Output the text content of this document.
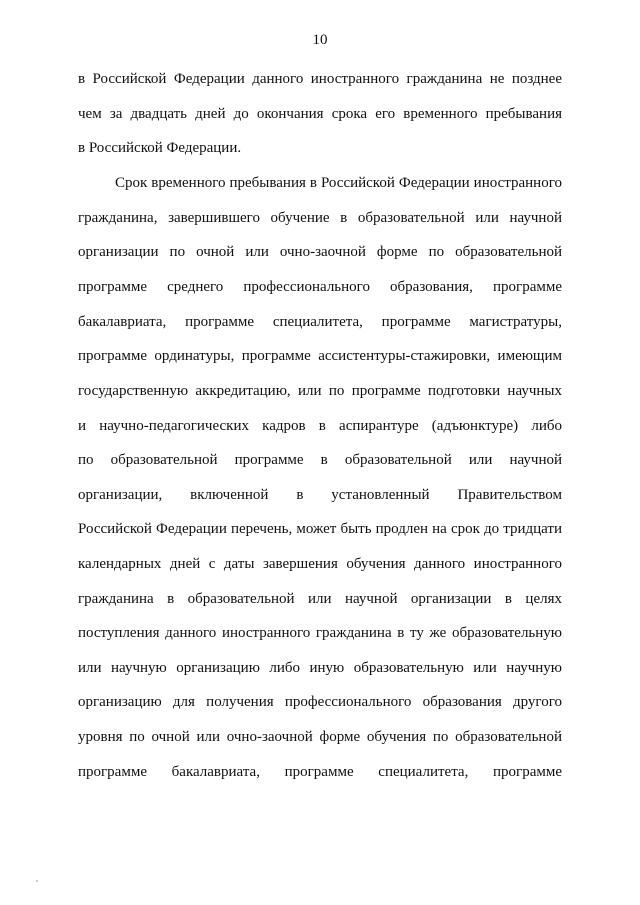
10
в Российской Федерации данного иностранного гражданина не позднее
чем за двадцать дней до окончания срока его временного пребывания
в Российской Федерации.
Срок временного пребывания в Российской Федерации иностранного
гражданина, завершившего обучение в образовательной или научной
организации по очной или очно-заочной форме по образовательной
программе среднего профессионального образования, программе
бакалавриата, программе специалитета, программе магистратуры,
программе ординатуры, программе ассистентуры-стажировки, имеющим
государственную аккредитацию, или по программе подготовки научных
и научно-педагогических кадров в аспирантуре (адъюнктуре) либо
по образовательной программе в образовательной или научной
организации, включенной в установленный Правительством
Российской Федерации перечень, может быть продлен на срок до тридцати
календарных дней с даты завершения обучения данного иностранного
гражданина в образовательной или научной организации в целях
поступления данного иностранного гражданина в ту же образовательную
или научную организацию либо иную образовательную или научную
организацию для получения профессионального образования другого
уровня по очной или очно-заочной форме обучения по образовательной
программе бакалавриата, программе специалитета, программе
